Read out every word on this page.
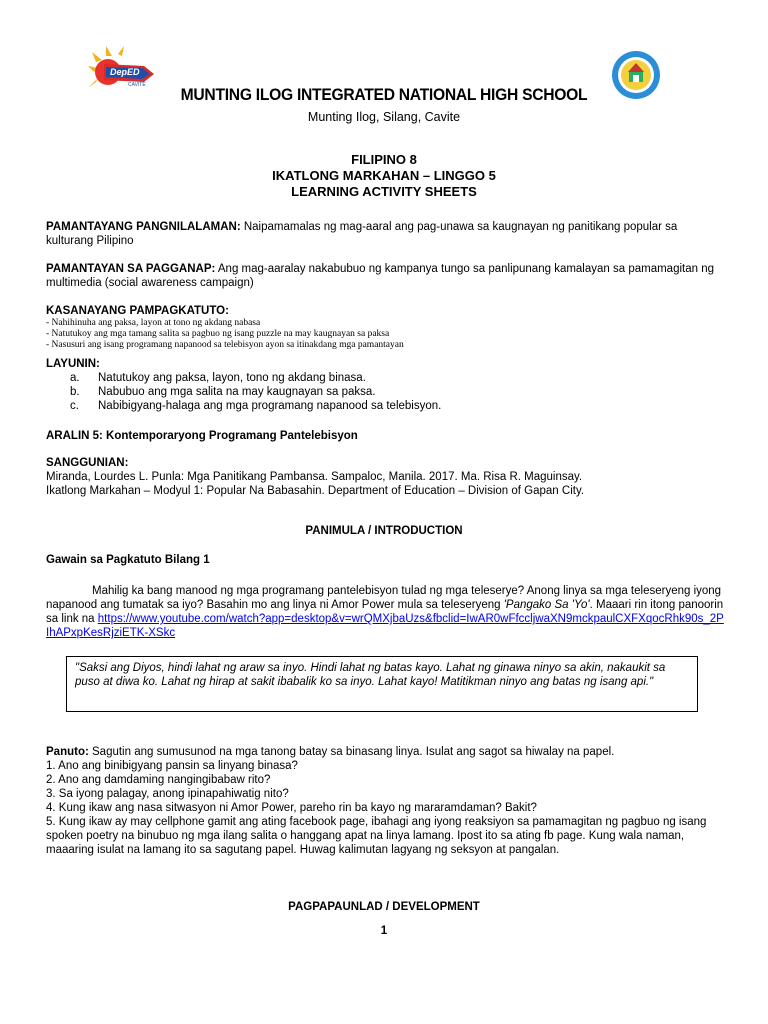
DepED
CAVITE	MUNTING ILOG INTEGRATED NATIONAL HIGH SCHOOL
Munting Ilog, Silang, Cavite
FILIPINO 8
IKATLONG MARKAHAN – LINGGO 5
LEARNING ACTIVITY SHEETS
PAMANTAYANG PANGNILALAMAN: Naipamamalas ng mag-aaral ang pag-unawa sa kaugnayan ng panitikang popular sa kulturang Pilipino
PAMANTAYAN SA PAGGANAP: Ang mag-aaralay nakabubuo ng kampanya tungo sa panlipunang kamalayan sa pamamagitan ng multimedia (social awareness campaign)
KASANAYANG PAMPAGKATUTO:
- Nahihinuha ang paksa, layon at tono ng akdang nabasa
- Natutukoy ang mga tamang salita sa pagbuo ng isang puzzle na may kaugnayan sa paksa
- Nasusuri ang isang programang napanood sa telebisyon ayon sa itinakdang mga pamantayan
LAYUNIN:
a. Natutukoy ang paksa, layon, tono ng akdang binasa.
b. Nabubuo ang mga salita na may kaugnayan sa paksa.
c. Nabibigyang-halaga ang mga programang napanood sa telebisyon.
ARALIN 5: Kontemporaryong Programang Pantelebisyon
SANGGUNIAN:
Miranda, Lourdes L. Punla: Mga Panitikang Pambansa. Sampaloc, Manila. 2017. Ma. Risa R. Maguinsay.
Ikatlong Markahan – Modyul 1: Popular Na Babasahin. Department of Education – Division of Gapan City.
PANIMULA / INTRODUCTION
Gawain sa Pagkatuto Bilang 1
Mahilig ka bang manood ng mga programang pantelebisyon tulad ng mga teleserye? Anong linya sa mga teleseryeng iyong napanood ang tumatak sa iyo? Basahin mo ang linya ni Amor Power mula sa teleseryeng 'Pangako Sa 'Yo'. Maaari rin itong panoorin sa link na https://www.youtube.com/watch?app=desktop&v=wrQMXjbaUzs&fbclid=IwAR0wFfccljwaXN9mckpaulCXFXqocRhk90s_2PIhAPxpKesRjziETK-XSkc
"Saksi ang Diyos, hindi lahat ng araw sa inyo. Hindi lahat ng batas kayo. Lahat ng ginawa ninyo sa akin, nakaukit sa puso at diwa ko. Lahat ng hirap at sakit ibabalik ko sa inyo. Lahat kayo! Matitikman ninyo ang batas ng isang api."
Panuto: Sagutin ang sumusunod na mga tanong batay sa binasang linya. Isulat ang sagot sa hiwalay na papel.
1. Ano ang binibigyang pansin sa linyang binasa?
2. Ano ang damdaming nangingibabaw rito?
3. Sa iyong palagay, anong ipinapahiwatig nito?
4. Kung ikaw ang nasa sitwasyon ni Amor Power, pareho rin ba kayo ng mararamdaman? Bakit?
5. Kung ikaw ay may cellphone gamit ang ating facebook page, ibahagi ang iyong reaksiyon sa pamamagitan ng pagbuo ng isang spoken poetry na binubuo ng mga ilang salita o hanggang apat na linya lamang. Ipost ito sa ating fb page. Kung wala naman, maaaring isulat na lamang ito sa sagutang papel. Huwag kalimutan lagyang ng seksyon at pangalan.
PAGPAPAUNLAD / DEVELOPMENT
1
